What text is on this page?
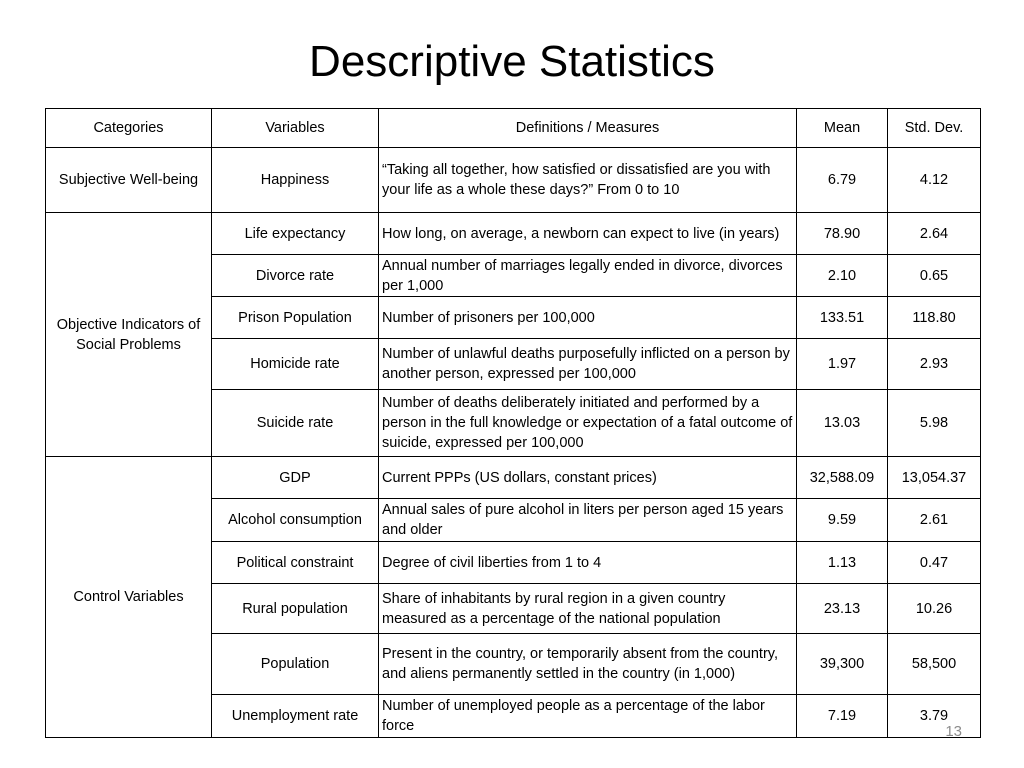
Descriptive Statistics
Categories	Variables	Definitions / Measures	Mean	Std. Dev.
Subjective Well-being	Happiness	“Taking all together, how satisfied or dissatisfied are you with your life as a whole these days?” From 0 to 10	6.79	4.12
Objective Indicators of Social Problems	Life expectancy	How long, on average, a newborn can expect to live (in years)	78.90	2.64
	Divorce rate	Annual number of marriages legally ended in divorce, divorces per 1,000	2.10	0.65
	Prison Population	Number of prisoners per 100,000	133.51	118.80
	Homicide rate	Number of unlawful deaths purposefully inflicted on a person by another person, expressed per 100,000	1.97	2.93
	Suicide rate	Number of deaths deliberately initiated and performed by a person in the full knowledge or expectation of a fatal outcome of suicide, expressed per 100,000	13.03	5.98
Control Variables	GDP	Current PPPs (US dollars, constant prices)	32,588.09	13,054.37
	Alcohol consumption	Annual sales of pure alcohol in liters per person aged 15 years and older	9.59	2.61
	Political constraint	Degree of civil liberties from 1 to 4	1.13	0.47
	Rural population	Share of inhabitants by rural region in a given country measured as a percentage of the national population	23.13	10.26
	Population	Present in the country, or temporarily absent from the country, and aliens permanently settled in the country (in 1,000)	39,300	58,500
	Unemployment rate	Number of unemployed people as a percentage of the labor force	7.19	3.79
13
